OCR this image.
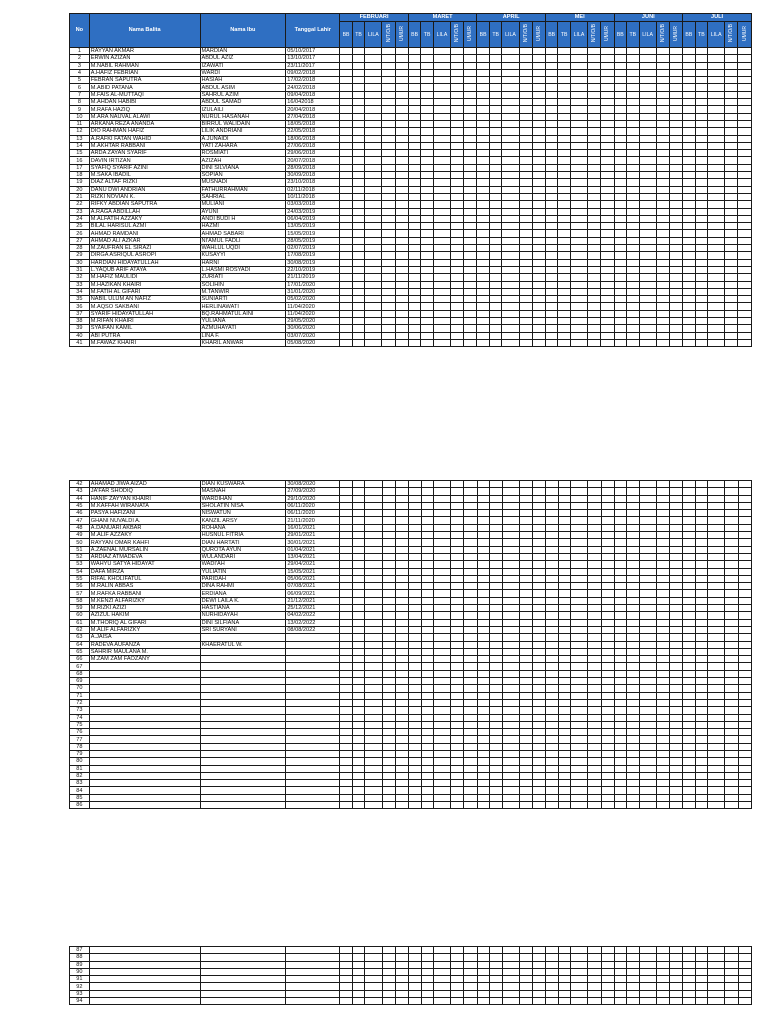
No	Nama Balita	Nama Ibu	Tanggal Lahir	FEBRUARI					MARET					APRIL					MEI					JUNI					JULI				
				BB	TB	LILA	N/T/O/B	UMUR	BB	TB	LILA	N/T/O/B	UMUR	BB	TB	LILA	N/T/O/B	UMUR	BB	TB	LILA	N/T/O/B	UMUR	BB	TB	LILA	N/T/O/B	UMUR	BB	TB	LILA	N/T/O/B	UMUR
1	RAYYAN AKMAR	MARDIAN	05/10/2017																														
2	ERWIN AZIZAN	ABDUL AZIZ	13/10/2017																														
3	M.NABIL RAHMAN	IZAWATI	23/11/2017																														
4	A.HAFIZ FEBRIAN	WARDI	09/02/2018																														
5	FEBRAN SAPUTRA	HASIAH	17/02/2018																														
6	M.ABID PATANA	ABDUL ASIM	24/02/2018																														
7	M.FAIS AL-MUTTAQI	SAHRUL AZIM	09/04/2018																														
8	M.AHDAN HABIBI	ABDUL SAMAD	16/042018																														
9	M.RAFA HAZIQ	IZULAILI	20/04/2018																														
10	M.ARA NAUVAL ALAWI	NURUL HASANAH	27/04/2018																														
11	ARKANA REZA ANANDA	BIRRUL WALIDAIN	18/05/2018																														
12	DIO RAHMAN HAFIZ	LILIK ANDRIANI	22/05/2018																														
13	A.RAFKI FATAN WAHID	A.JUNAIDI	18/06/2018																														
14	M.AKHTAR RABBANI	YATI ZAHARA	27/06/2018																														
15	ARDA ZAYAN SYARIF	ROSMIATI	29/06/2018																														
16	DAVIN IRTIZAN	AZIZAH	20/07/2018																														
17	SYAFIQ SYARIF AZINI	DINI SILVIANA	28/09/2018																														
18	M.SAKA IBADIL	SOPIAN	30/09/2018																														
19	DIAZ ALTAF RIZKI	MUSNADI	23/10/2018																														
20	DANU DWI ANDRIAN	FATHURRAHMAN	02/11/2018																														
21	RIZKI NOVIAN K.	SAHRIAL	10/11/2018																														
22	RIFKY ABDIAN SAPUTRA	MULIANI	03/03/2018																														
23	A.RAGA ABDILLAH	AYUNI	24/03/2019																														
24	M.ALFATIH AZZAKY	ANDI BUDI H	06/04/2019																														
25	BILAL HARISUL AZMI	HAZMI	13/05/2019																														
26	AHMAD RAMDANI	AHMAD SABARI	15/05/2019																														
27	AHMAD ALI AZKAR	NI'AMUL FADLI	28/05/2019																														
28	M.ZAUFRAN EL SIRAZI	WAHLUL UQDI	02/07/2019																														
29	DIRGA ASRIQUL ASROPI	KUSAYYI	17/08/2019																														
30	HARDIAN HIDAYATULLAH	HARNI	30/08/2019																														
31	L.YAQUB ARIF ATAYA	L.HASMI ROSYADI	22/10/2019																														
32	M.HAFIZ MAULIDI	ZURIATI	21/11/2019																														
33	M.HAZIKAN KHAIRI	SOLIHIN	17/01/2020																														
34	M.FATIH AL GIFARI	M.TANWIR	31/01/2020																														
35	NABIL ULUM AN NAFIZ	SUNIARTI	05/02/2020																														
36	M.AQSO SAKBANI	HERLINAWATI	11/04/2020																														
37	SYARIF HIDAYATULLAH	BQ.RAHMATUL AINI	11/04/2020																														
38	M.RIFAN KHAIRI	YULIANA	29/05/2020																														
39	SYAIFAN KAMIL	AZMUHAYATI	30/06/2020																														
40	ABI PUTRA	LINA F.	03/07/2020																														
41	M.FAWAZ KHAIRI	KHARIL ANWAR	05/08/2020																														
42	AHAMAD JIWA AIZAD	DIAN KUSWARA	30/08/2020																														
43	JA'FAR SHODIQ	MASNAH	27/09/2020																														
44	HANIF ZAYYAN KHAIRI	WARDIHAN	29/10/2020																														
45	M.KAFFAH WIRANATA	SHOLATIN NISA	06/11/2020																														
46	PASYA HAFIZANI	NISWATUN	06/11/2020																														
47	GHANI NUVALDI A.	KANZIL ARSY	21/11/2020																														
48	A.DANUARI AKBAR	ROHANA	16/01/2021																														
49	M.ALIF AZZAKY	HUSNUL FITRIA	29/01/2021																														
50	RAYYAN OMAR KAHFI	DIAN HARTATI	30/01/2021																														
51	A.ZAENAL MURSALIN	QUROTA AYUN	01/04/2021																														
52	ARDIAZ ATMADEVA	WULANDARI	13/04/2021																														
53	WAHYU SATYA HIDAYAT	WADI'AH	29/04/2021																														
54	DAFA MIRZA	YULIATIN	15/05/2021																														
55	RIFAL KHOLIFATUL	PARIDAH	05/06/2021																														
56	M.RALIN ABBAS	DINA RAHMI	07/08/2021																														
57	M.RAFKA RABBANI	ERDIANA	06/09/2021																														
58	M.KENZI ALFARIZKY	DEWI LAILA K.	21/12/2021																														
59	M.RIZKI AZIZI	HASTIANA	25/12/2021																														
60	AZIZUL HAKIM	NURHIDAYAH	04/02/2022																														
61	M.THORIQ AL GIFARI	DINI SILFIANA	13/02/2022																														
62	M.ALIF ALFARIZKY	SRI SURYANI	08/08/2022																														
63	A.JAISA																																
64	RADEVA AUFANZA	KHAERATUL W.																															
65	SAHRIR MAULANA M.																																
66	M.ZAM ZAM FAOZANY																																
67																																	
68																																	
69																																	
70																																	
71																																	
72																																	
73																																	
74																																	
75																																	
76																																	
77																																	
78																																	
79																																	
80																																	
81																																	
82																																	
83																																	
84																																	
85																																	
86																																	
87																																	
88																																	
89																																	
90																																	
91																																	
92																																	
93																																	
94																																	
